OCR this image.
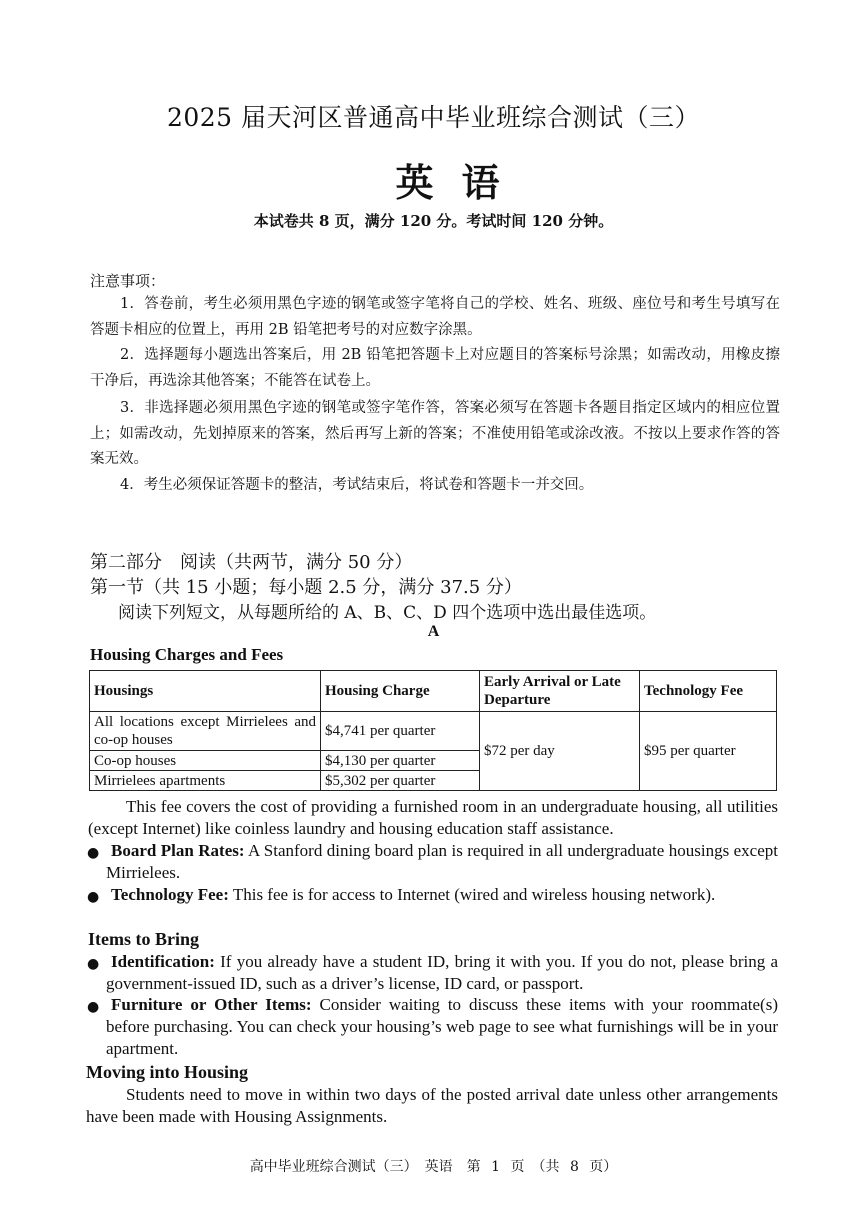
2025 届天河区普通高中毕业班综合测试（三）
英语
本试卷共 8 页，满分 120 分。考试时间 120 分钟。
注意事项：
1．答卷前，考生必须用黑色字迹的钢笔或签字笔将自己的学校、姓名、班级、座位号和考生号填写在答题卡相应的位置上，再用 2B 铅笔把考号的对应数字涂黑。
2．选择题每小题选出答案后，用 2B 铅笔把答题卡上对应题目的答案标号涂黑；如需改动，用橡皮擦干净后，再选涂其他答案；不能答在试卷上。
3．非选择题必须用黑色字迹的钢笔或签字笔作答，答案必须写在答题卡各题目指定区域内的相应位置上；如需改动，先划掉原来的答案，然后再写上新的答案；不准使用铅笔或涂改液。不按以上要求作答的答案无效。
4．考生必须保证答题卡的整洁，考试结束后，将试卷和答题卡一并交回。
第二部分　阅读（共两节，满分 50 分）
第一节（共 15 小题；每小题 2.5 分，满分 37.5 分）
阅读下列短文，从每题所给的 A、B、C、D 四个选项中选出最佳选项。
A
Housing Charges and Fees
Housings	Housing Charge	Early Arrival or Late Departure	Technology Fee
All locations except Mirrielees and co-op houses	$4,741 per quarter	$72 per day	$95 per quarter
Co-op houses	$4,130 per quarter		
Mirrielees apartments	$5,302 per quarter		
This fee covers the cost of providing a furnished room in an undergraduate housing, all utilities (except Internet) like coinless laundry and housing education staff assistance.
● Board Plan Rates: A Stanford dining board plan is required in all undergraduate housings except Mirrielees.
● Technology Fee: This fee is for access to Internet (wired and wireless housing network).
Items to Bring
● Identification: If you already have a student ID, bring it with you. If you do not, please bring a government-issued ID, such as a driver’s license, ID card, or passport.
● Furniture or Other Items: Consider waiting to discuss these items with your roommate(s) before purchasing. You can check your housing’s web page to see what furnishings will be in your apartment.
Moving into Housing
Students need to move in within two days of the posted arrival date unless other arrangements have been made with Housing Assignments.
高中毕业班综合测试（三）　英语　第 1 页　（共 8 页）
